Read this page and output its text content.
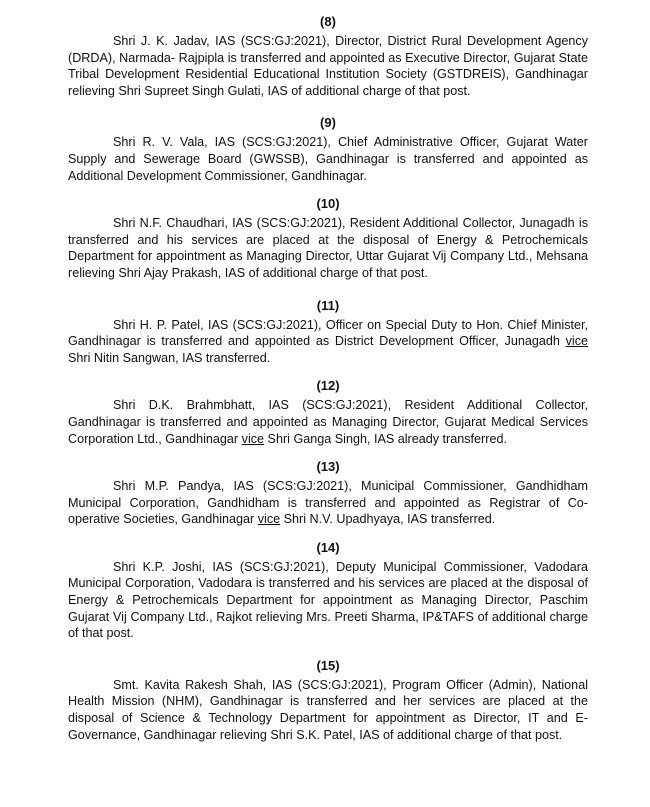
(8)

Shri J. K. Jadav, IAS (SCS:GJ:2021), Director, District Rural Development Agency (DRDA), Narmada- Rajpipla is transferred and appointed as Executive Director, Gujarat State Tribal Development Residential Educational Institution Society (GSTDREIS), Gandhinagar relieving Shri Supreet Singh Gulati, IAS of additional charge of that post.

(9)

Shri R. V. Vala, IAS (SCS:GJ:2021), Chief Administrative Officer, Gujarat Water Supply and Sewerage Board (GWSSB), Gandhinagar is transferred and appointed as Additional Development Commissioner, Gandhinagar.

(10)

Shri N.F. Chaudhari, IAS (SCS:GJ:2021), Resident Additional Collector, Junagadh is transferred and his services are placed at the disposal of Energy & Petrochemicals Department for appointment as Managing Director, Uttar Gujarat Vij Company Ltd., Mehsana relieving Shri Ajay Prakash, IAS of additional charge of that post.

(11)

Shri H. P. Patel, IAS (SCS:GJ:2021), Officer on Special Duty to Hon. Chief Minister, Gandhinagar is transferred and appointed as District Development Officer, Junagadh vice Shri Nitin Sangwan, IAS transferred.

(12)

Shri D.K. Brahmbhatt, IAS (SCS:GJ:2021), Resident Additional Collector, Gandhinagar is transferred and appointed as Managing Director, Gujarat Medical Services Corporation Ltd., Gandhinagar vice Shri Ganga Singh, IAS already transferred.

(13)

Shri M.P. Pandya, IAS (SCS:GJ:2021), Municipal Commissioner, Gandhidham Municipal Corporation, Gandhidham is transferred and appointed as Registrar of Co-operative Societies, Gandhinagar vice Shri N.V. Upadhyaya, IAS transferred.

(14)

Shri K.P. Joshi, IAS (SCS:GJ:2021), Deputy Municipal Commissioner, Vadodara Municipal Corporation, Vadodara is transferred and his services are placed at the disposal of Energy & Petrochemicals Department for appointment as Managing Director, Paschim Gujarat Vij Company Ltd., Rajkot relieving Mrs. Preeti Sharma, IP&TAFS of additional charge of that post.

(15)

Smt. Kavita Rakesh Shah, IAS (SCS:GJ:2021), Program Officer (Admin), National Health Mission (NHM), Gandhinagar is transferred and her services are placed at the disposal of Science & Technology Department for appointment as Director, IT and E-Governance, Gandhinagar relieving Shri S.K. Patel, IAS of additional charge of that post.
